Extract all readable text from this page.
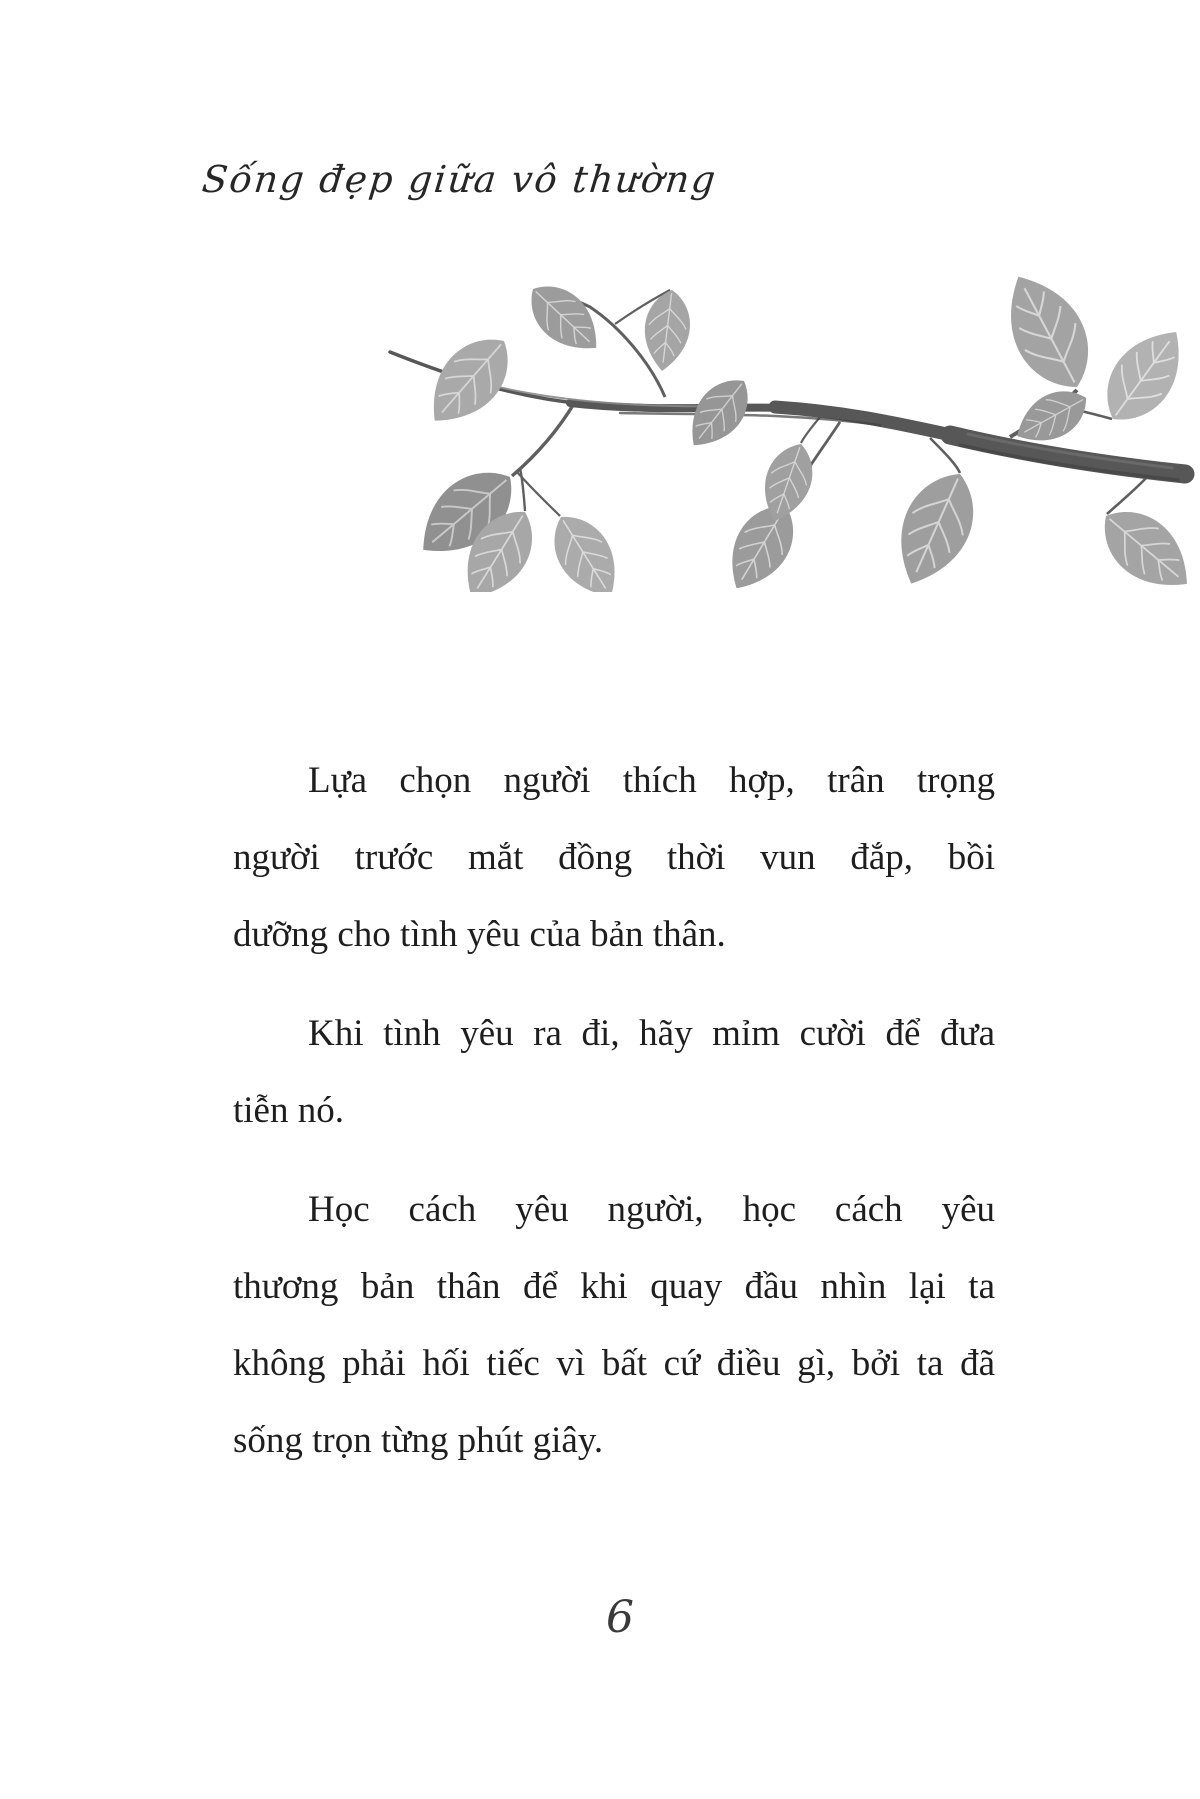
Sống đẹp giữa vô thường
Lựa chọn người thích hợp, trân trọng
người trước mắt đồng thời vun đắp, bồi
dưỡng cho tình yêu của bản thân.
Khi tình yêu ra đi, hãy mỉm cười để đưa
tiễn nó.
Học cách yêu người, học cách yêu
thương bản thân để khi quay đầu nhìn lại ta
không phải hối tiếc vì bất cứ điều gì, bởi ta đã
sống trọn từng phút giây.
6
